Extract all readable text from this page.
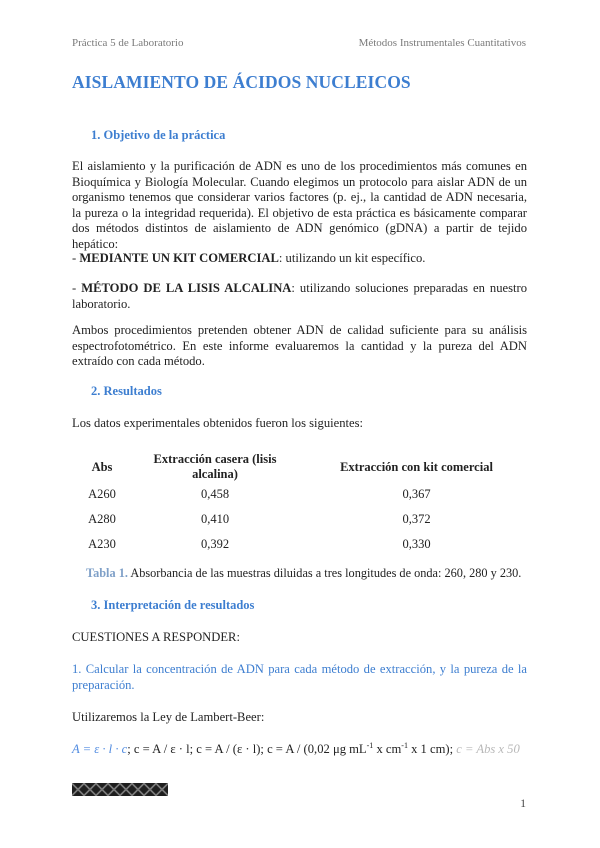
Práctica 5 de Laboratorio	Métodos Instrumentales Cuantitativos
AISLAMIENTO DE ÁCIDOS NUCLEICOS
1. Objetivo de la práctica

El aislamiento y la purificación de ADN es uno de los procedimientos más comunes en Bioquímica y Biología Molecular. Cuando elegimos un protocolo para aislar ADN de un organismo tenemos que considerar varios factores (p. ej., la cantidad de ADN necesaria, la pureza o la integridad requerida). El objetivo de esta práctica es básicamente comparar dos métodos distintos de aislamiento de ADN genómico (gDNA) a partir de tejido hepático:

- MEDIANTE UN KIT COMERCIAL: utilizando un kit específico.

- MÉTODO DE LA LISIS ALCALINA: utilizando soluciones preparadas en nuestro laboratorio.

Ambos procedimientos pretenden obtener ADN de calidad suficiente para su análisis espectrofotométrico. En este informe evaluaremos la cantidad y la pureza del ADN extraído con cada método.

2. Resultados

Los datos experimentales obtenidos fueron los siguientes:

Abs	Extracción casera (lisis alcalina)	Extracción con kit comercial
A260	0,458	0,367
A280	0,410	0,372
A230	0,392	0,330
Tabla 1. Absorbancia de las muestras diluidas a tres longitudes de onda: 260, 280 y 230.
3. Interpretación de resultados

CUESTIONES A RESPONDER:

1. Calcular la concentración de ADN para cada método de extracción, y la pureza de la preparación.

Utilizaremos la Ley de Lambert-Beer:

A = ε · l · c; c = A / ε · l; c = A / (ε · l); c = A / (0,02 μg $mL^{-1}$ x $cm^{-1}$ x 1 cm); c = Abs x 50
1
